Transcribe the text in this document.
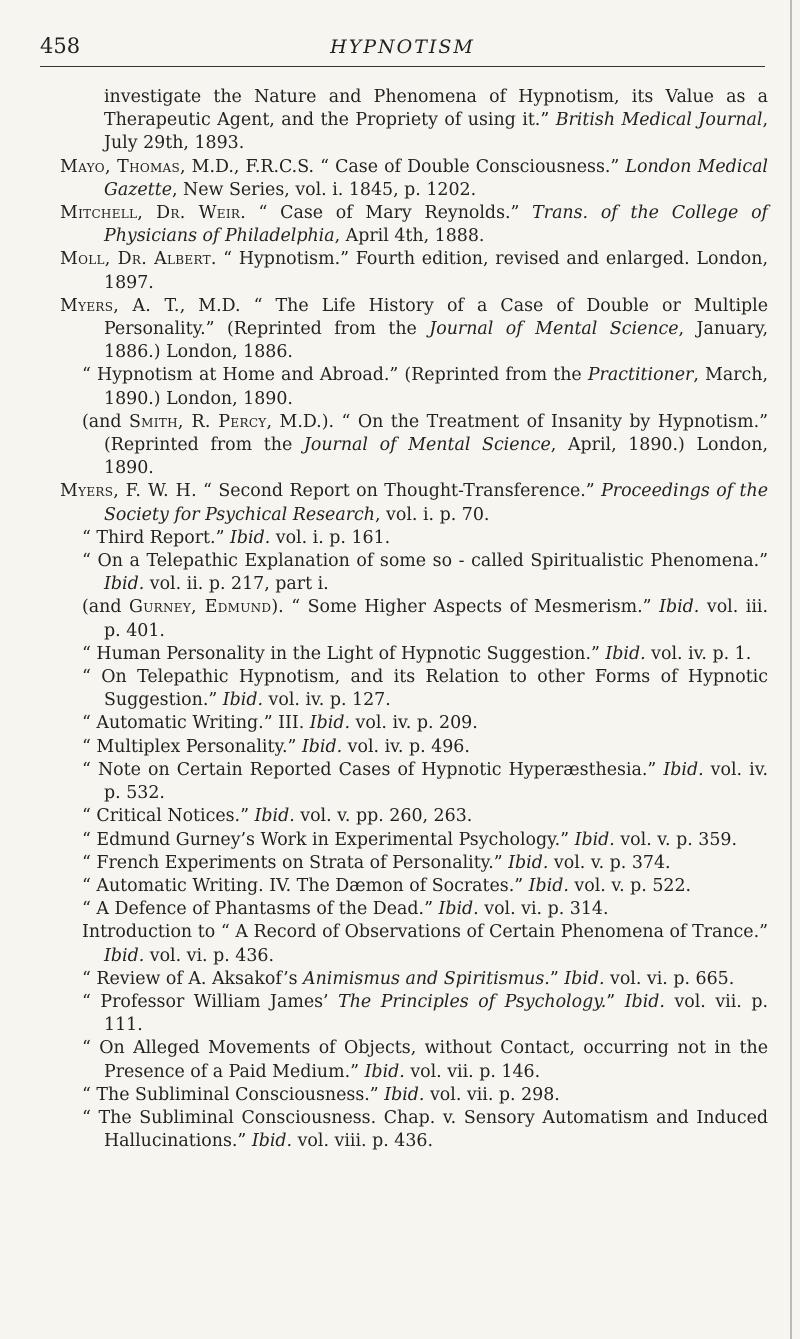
458	HYPNOTISM
investigate the Nature and Phenomena of Hypnotism, its Value as a Therapeutic Agent, and the Propriety of using it.” British Medical Journal, July 29th, 1893.
Mayo, Thomas, M.D., F.R.C.S. “ Case of Double Consciousness.” London Medical Gazette, New Series, vol. i. 1845, p. 1202.
Mitchell, Dr. Weir. “ Case of Mary Reynolds.” Trans. of the College of Physicians of Philadelphia, April 4th, 1888.
Moll, Dr. Albert. “ Hypnotism.” Fourth edition, revised and enlarged. London, 1897.
Myers, A. T., M.D. “ The Life History of a Case of Double or Multiple Personality.” (Reprinted from the Journal of Mental Science, January, 1886.) London, 1886.
“ Hypnotism at Home and Abroad.” (Reprinted from the Practitioner, March, 1890.) London, 1890.
(and Smith, R. Percy, M.D.). “ On the Treatment of Insanity by Hypnotism.” (Reprinted from the Journal of Mental Science, April, 1890.) London, 1890.
Myers, F. W. H. “ Second Report on Thought-Transference.” Proceedings of the Society for Psychical Research, vol. i. p. 70.
“ Third Report.” Ibid. vol. i. p. 161.
“ On a Telepathic Explanation of some so - called Spiritualistic Phenomena.” Ibid. vol. ii. p. 217, part i.
(and Gurney, Edmund). “ Some Higher Aspects of Mesmerism.” Ibid. vol. iii. p. 401.
“ Human Personality in the Light of Hypnotic Suggestion.” Ibid. vol. iv. p. 1.
“ On Telepathic Hypnotism, and its Relation to other Forms of Hypnotic Suggestion.” Ibid. vol. iv. p. 127.
“ Automatic Writing.” III. Ibid. vol. iv. p. 209.
“ Multiplex Personality.” Ibid. vol. iv. p. 496.
“ Note on Certain Reported Cases of Hypnotic Hyperæsthesia.” Ibid. vol. iv. p. 532.
“ Critical Notices.” Ibid. vol. v. pp. 260, 263.
“ Edmund Gurney’s Work in Experimental Psychology.” Ibid. vol. v. p. 359.
“ French Experiments on Strata of Personality.” Ibid. vol. v. p. 374.
“ Automatic Writing. IV. The Dæmon of Socrates.” Ibid. vol. v. p. 522.
“ A Defence of Phantasms of the Dead.” Ibid. vol. vi. p. 314.
Introduction to “ A Record of Observations of Certain Phenomena of Trance.” Ibid. vol. vi. p. 436.
“ Review of A. Aksakof’s Animismus and Spiritismus.” Ibid. vol. vi. p. 665.
“ Professor William James’ The Principles of Psychology.” Ibid. vol. vii. p. 111.
“ On Alleged Movements of Objects, without Contact, occurring not in the Presence of a Paid Medium.” Ibid. vol. vii. p. 146.
“ The Subliminal Consciousness.” Ibid. vol. vii. p. 298.
“ The Subliminal Consciousness. Chap. v. Sensory Automatism and Induced Hallucinations.” Ibid. vol. viii. p. 436.
